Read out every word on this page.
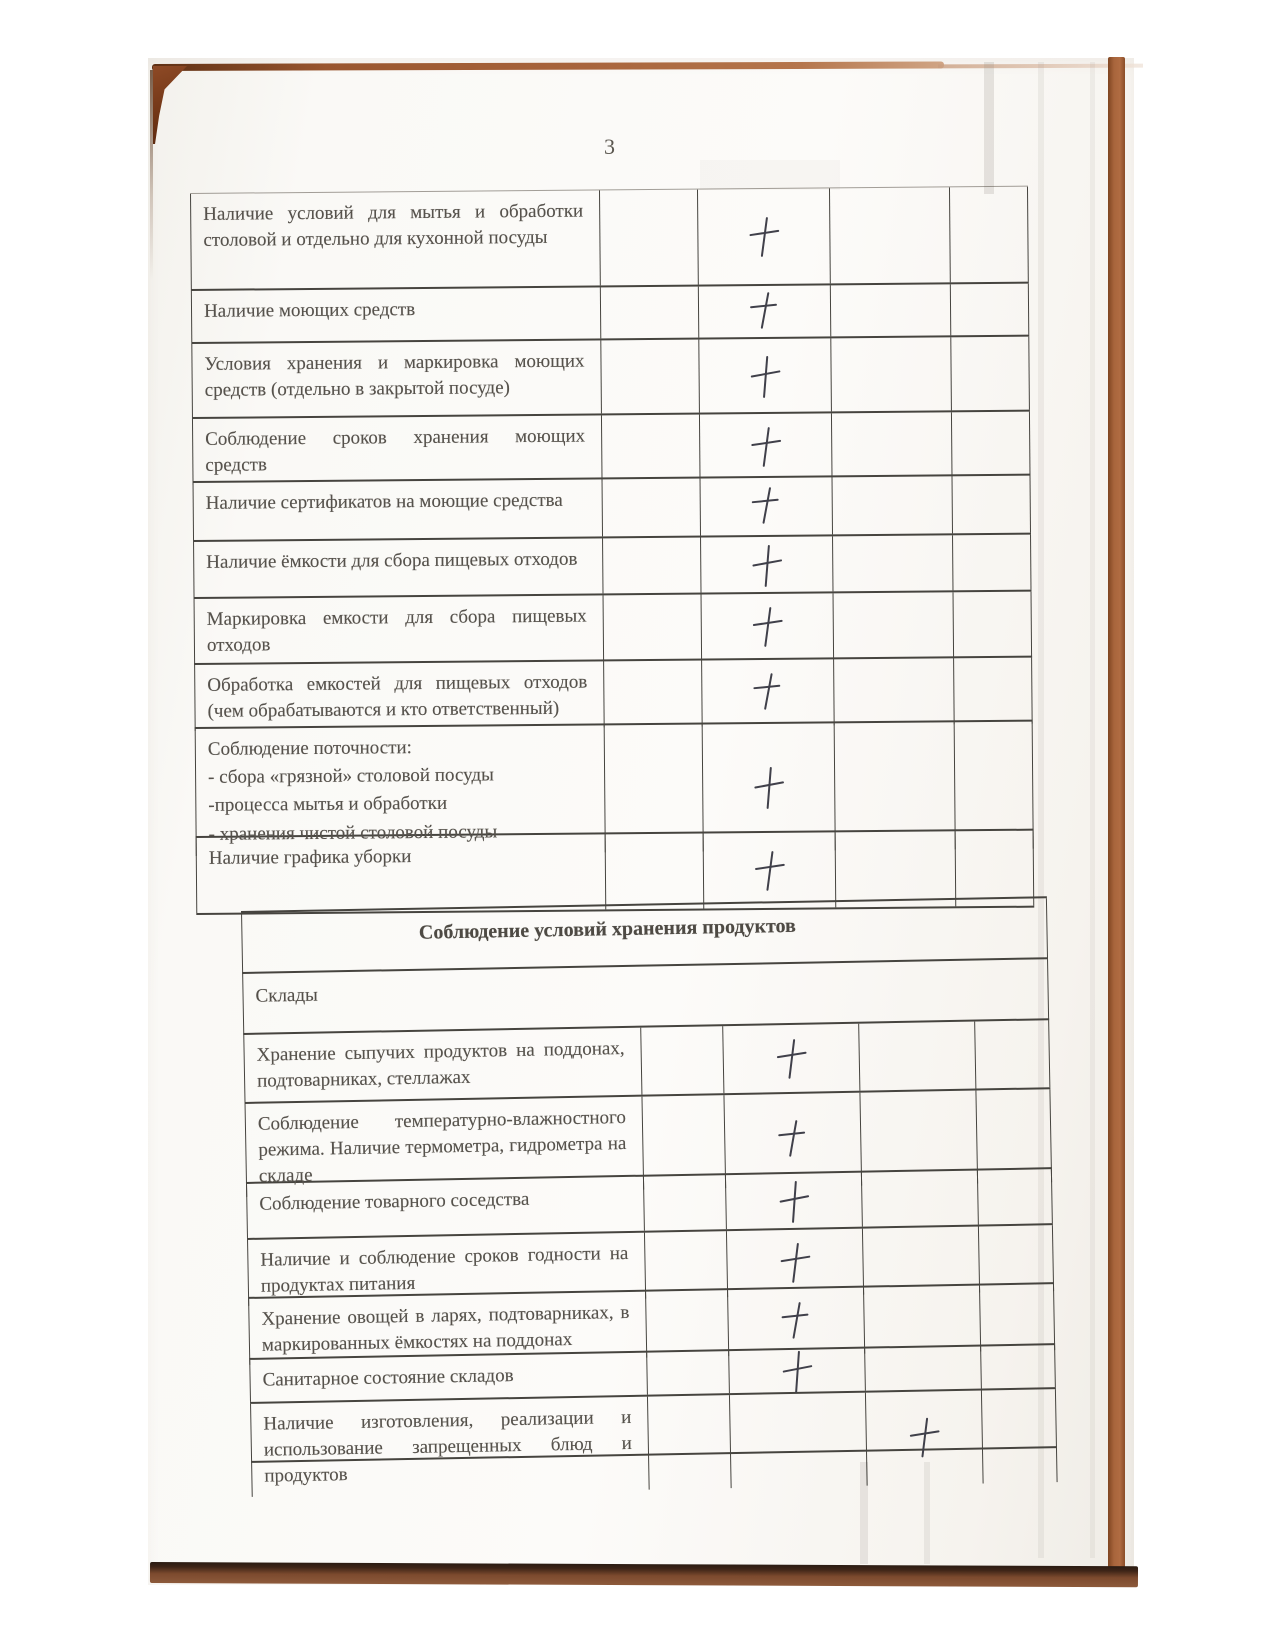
3
Наличие условий для мытья и обработки столовой и отдельно для кухонной посуды
Наличие моющих средств
Условия хранения и маркировка моющих средств (отдельно в закрытой посуде)
Соблюдение сроков хранения моющих средств
Наличие сертификатов на моющие средства
Наличие ёмкости для сбора пищевых отходов
Маркировка емкости для сбора пищевых отходов
Обработка емкостей для пищевых отходов (чем обрабатываются и кто ответственный)
Соблюдение поточности:
- сбора «грязной» столовой посуды
-процесса мытья и обработки
- хранения чистой столовой посуды
Наличие графика уборки
Соблюдение условий хранения продуктов
Склады
Хранение сыпучих продуктов на поддонах, подтоварниках, стеллажах
Соблюдение температурно-влажностного режима. Наличие термометра, гидрометра на складе
Соблюдение товарного соседства
Наличие и соблюдение сроков годности на продуктах питания
Хранение овощей в ларях, подтоварниках, в маркированных ёмкостях на поддонах
Санитарное состояние складов
Наличие изготовления, реализации и использование запрещенных блюд и продуктов
